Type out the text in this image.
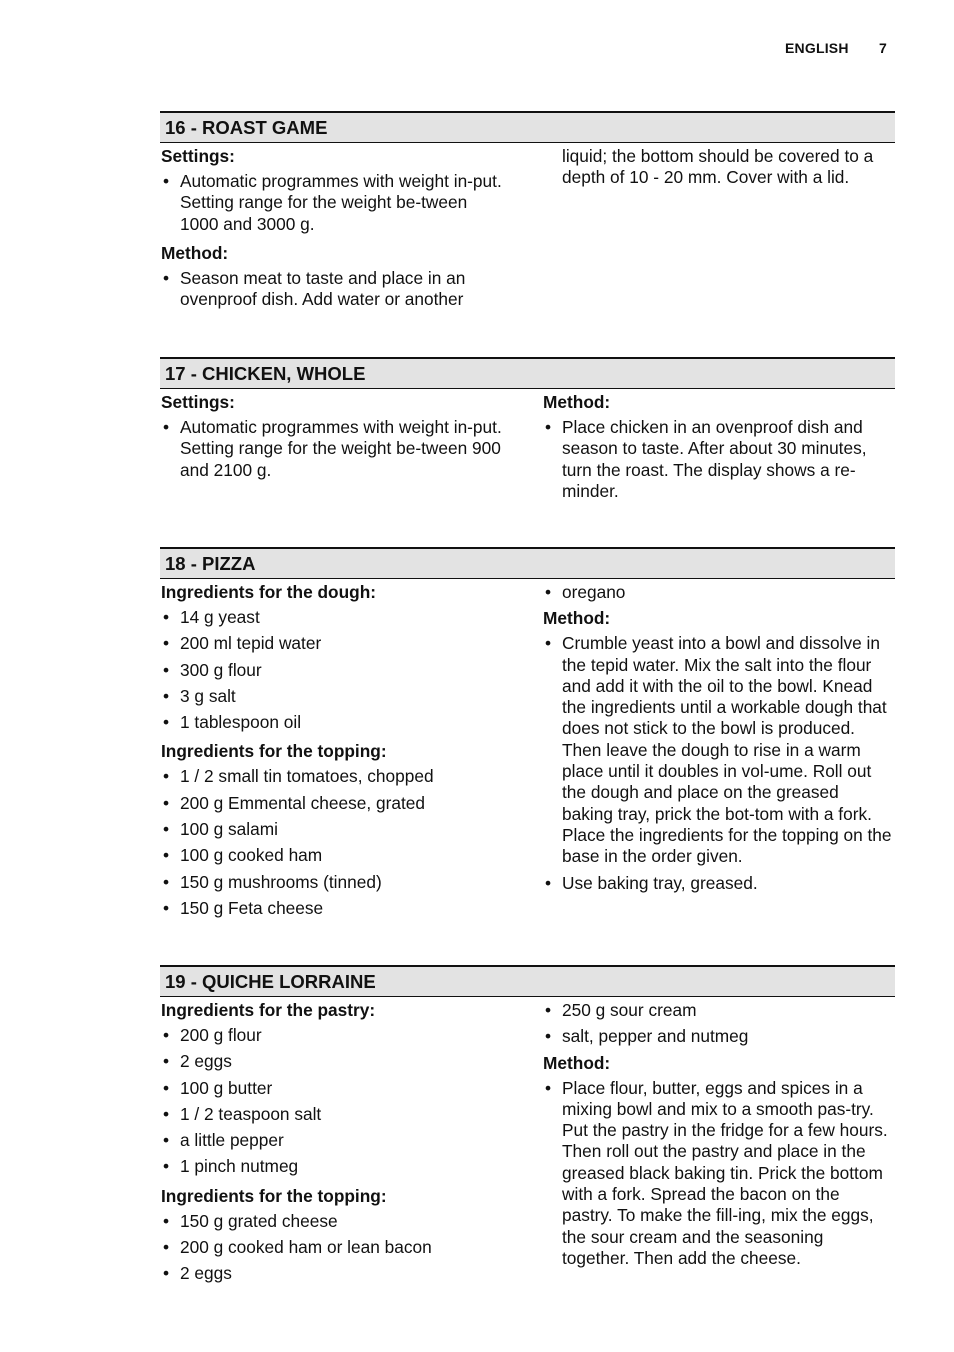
ENGLISH 7
16 - ROAST GAME
Settings:
• Automatic programmes with weight in-put. Setting range for the weight be-tween 1000 and 3000 g.
Method:
• Season meat to taste and place in an ovenproof dish. Add water or another
liquid; the bottom should be covered to a depth of 10 - 20 mm. Cover with a lid.
17 - CHICKEN, WHOLE
Settings:
• Automatic programmes with weight in-put. Setting range for the weight be-tween 900 and 2100 g.
Method:
• Place chicken in an ovenproof dish and season to taste. After about 30 minutes, turn the roast. The display shows a re-minder.
18 - PIZZA
Ingredients for the dough:
• 14 g yeast
• 200 ml tepid water
• 300 g flour
• 3 g salt
• 1 tablespoon oil
Ingredients for the topping:
• 1 / 2 small tin tomatoes, chopped
• 200 g Emmental cheese, grated
• 100 g salami
• 100 g cooked ham
• 150 g mushrooms (tinned)
• 150 g Feta cheese
• oregano
Method:
• Crumble yeast into a bowl and dissolve in the tepid water. Mix the salt into the flour and add it with the oil to the bowl. Knead the ingredients until a workable dough that does not stick to the bowl is produced. Then leave the dough to rise in a warm place until it doubles in vol-ume. Roll out the dough and place on the greased baking tray, prick the bot-tom with a fork. Place the ingredients for the topping on the base in the order given.
• Use baking tray, greased.
19 - QUICHE LORRAINE
Ingredients for the pastry:
• 200 g flour
• 2 eggs
• 100 g butter
• 1 / 2 teaspoon salt
• a little pepper
• 1 pinch nutmeg
Ingredients for the topping:
• 150 g grated cheese
• 200 g cooked ham or lean bacon
• 2 eggs
• 250 g sour cream
• salt, pepper and nutmeg
Method:
• Place flour, butter, eggs and spices in a mixing bowl and mix to a smooth pas-try. Put the pastry in the fridge for a few hours. Then roll out the pastry and place in the greased black baking tin. Prick the bottom with a fork. Spread the bacon on the pastry. To make the fill-ing, mix the eggs, the sour cream and the seasoning together. Then add the cheese.
